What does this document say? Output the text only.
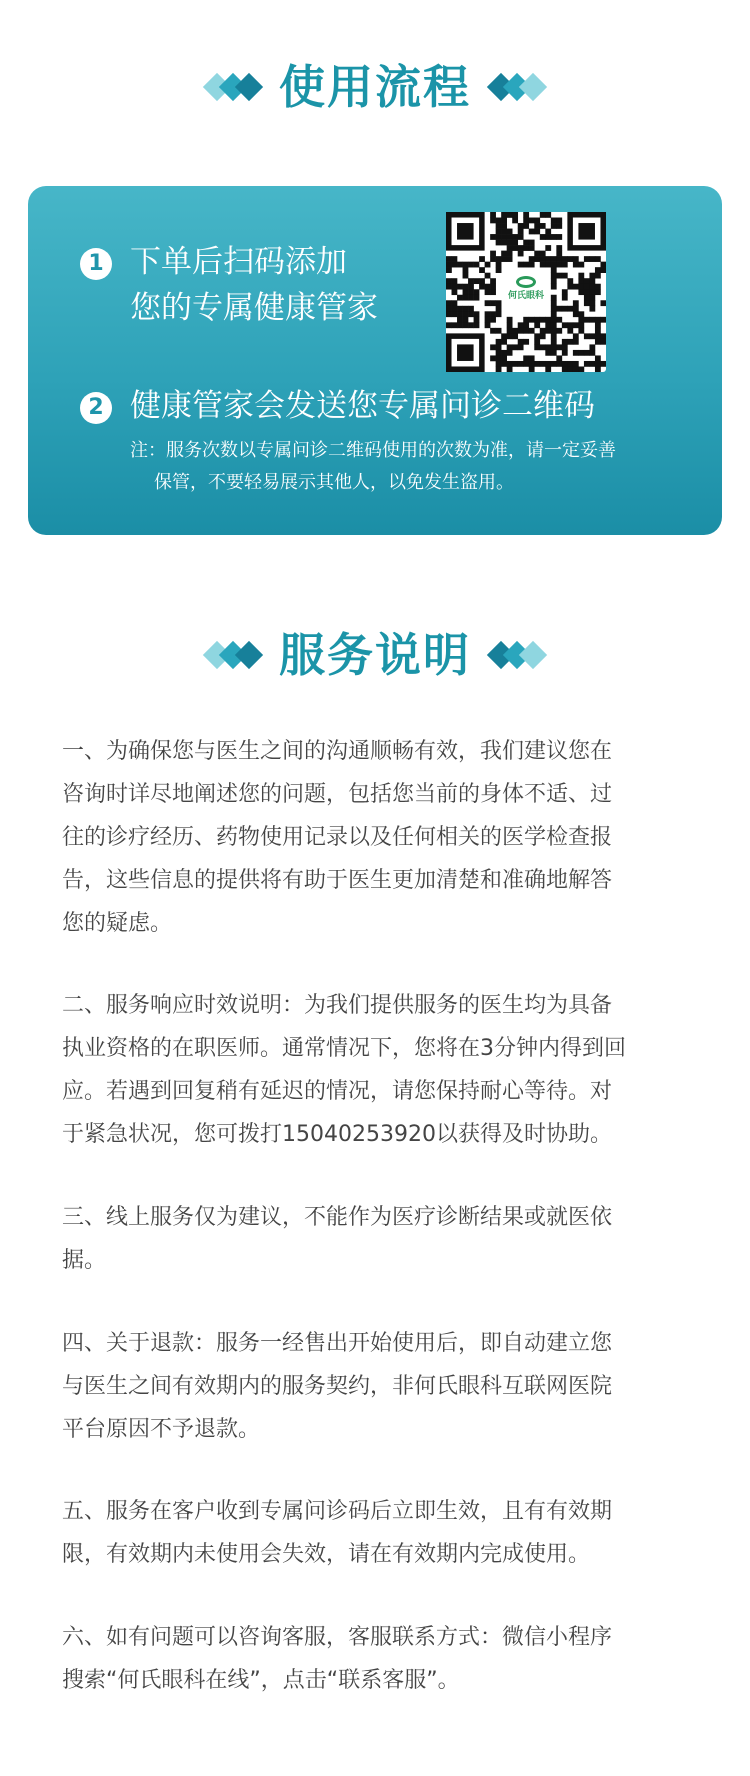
使用流程
1 下单后扫码添加
您的专属健康管家	何氏眼科
2 健康管家会发送您专属问诊二维码
注：服务次数以专属问诊二维码使用的次数为准，请一定妥善
保管，不要轻易展示其他人，以免发生盗用。
服务说明
一、为确保您与医生之间的沟通顺畅有效，我们建议您在
咨询时详尽地阐述您的问题，包括您当前的身体不适、过
往的诊疗经历、药物使用记录以及任何相关的医学检查报
告，这些信息的提供将有助于医生更加清楚和准确地解答
您的疑虑。
二、服务响应时效说明：为我们提供服务的医生均为具备
执业资格的在职医师。通常情况下，您将在3分钟内得到回
应。若遇到回复稍有延迟的情况，请您保持耐心等待。对
于紧急状况，您可拨打15040253920以获得及时协助。
三、线上服务仅为建议，不能作为医疗诊断结果或就医依
据。
四、关于退款：服务一经售出开始使用后，即自动建立您
与医生之间有效期内的服务契约，非何氏眼科互联网医院
平台原因不予退款。
五、服务在客户收到专属问诊码后立即生效，且有有效期
限，有效期内未使用会失效，请在有效期内完成使用。
六、如有问题可以咨询客服，客服联系方式：微信小程序
搜索“何氏眼科在线”，点击“联系客服”。
